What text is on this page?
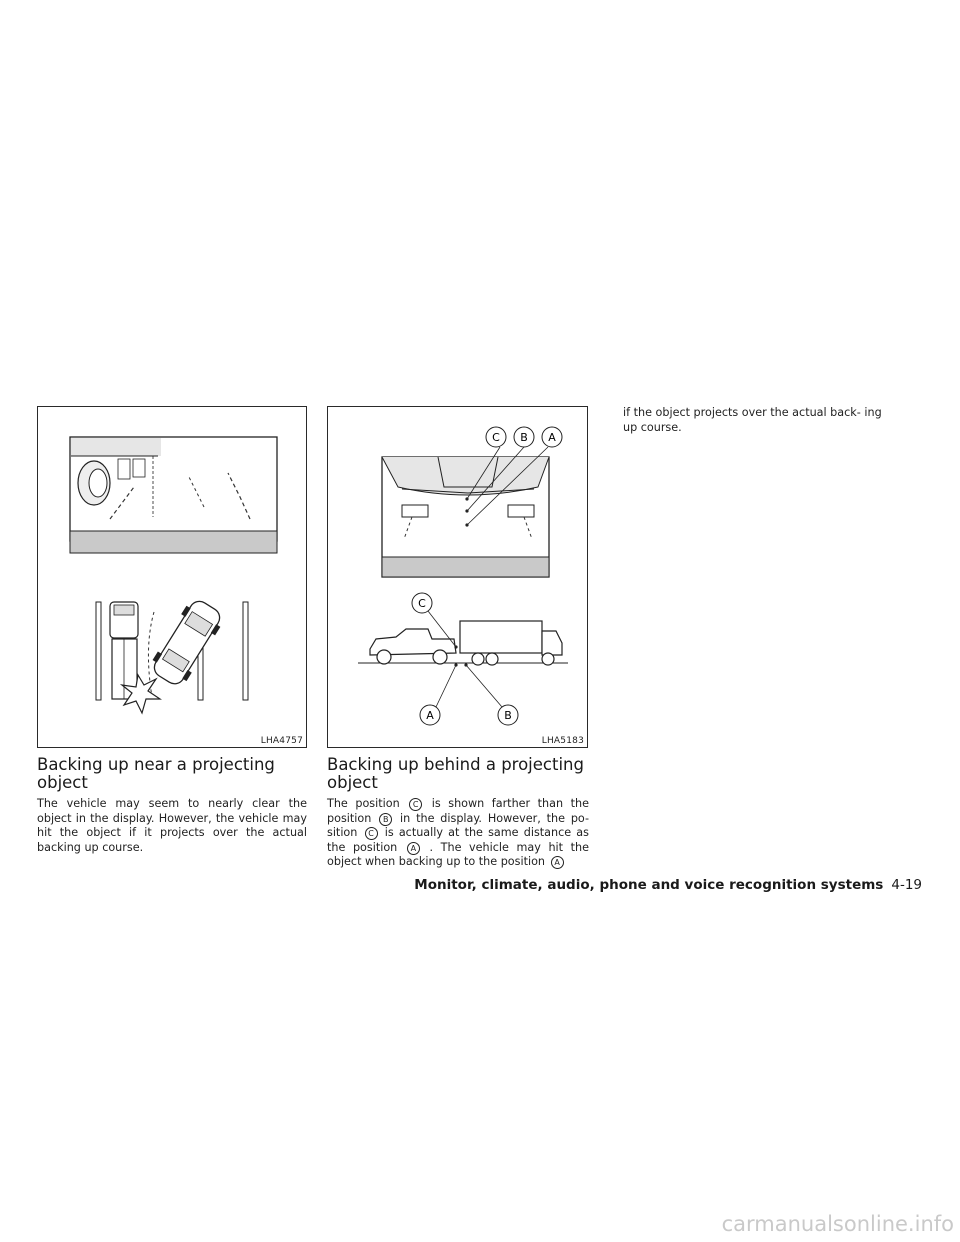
LHA4757
C B A
C
A	B
LHA5183
Backing up near a projecting
object

The vehicle may seem to nearly clear the object in the display. However, the vehicle may hit the object if it projects over the actual backing up course.

Backing up behind a projecting
object

The position C is shown farther than the position B in the display. However, the po- sition C is actually at the same distance as the position A . The vehicle may hit the object when backing up to the position A

if the object projects over the actual back- ing up course.

Monitor, climate, audio, phone and voice recognition systems 4-19
carmanualsonline.info
